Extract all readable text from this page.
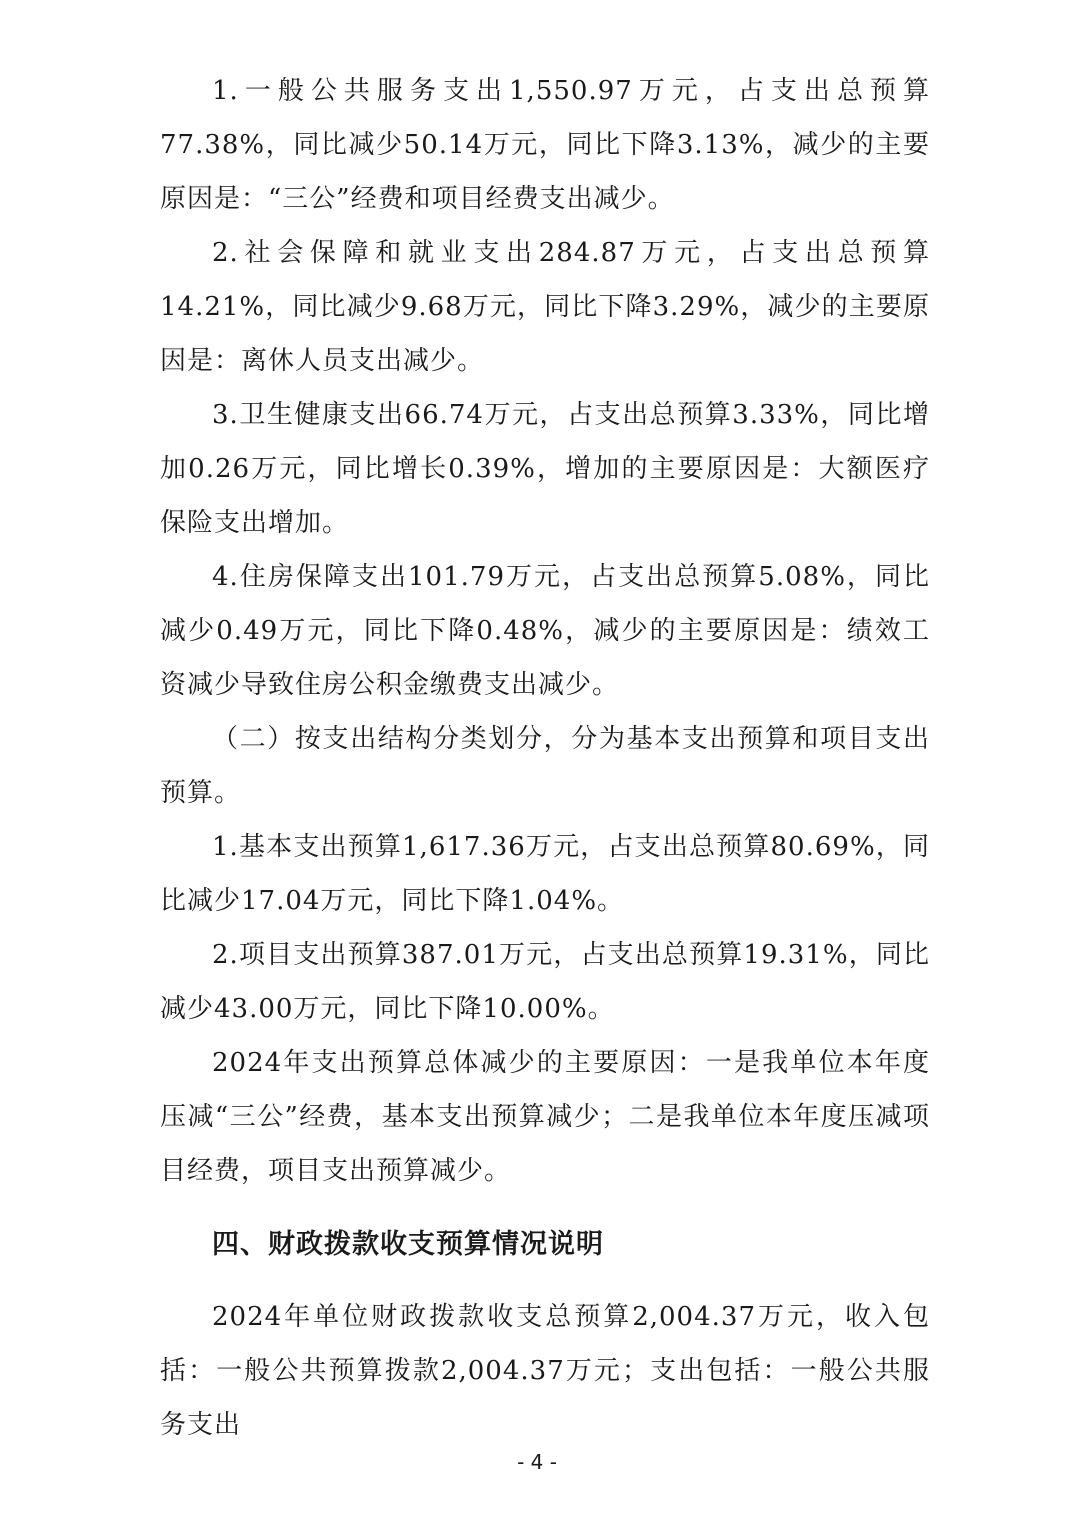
1.一般公共服务支出1,550.97万元，占支出总预算77.38%，同比减少50.14万元，同比下降3.13%，减少的主要原因是：“三公”经费和项目经费支出减少。

2.社会保障和就业支出284.87万元，占支出总预算14.21%，同比减少9.68万元，同比下降3.29%，减少的主要原因是：离休人员支出减少。

3.卫生健康支出66.74万元，占支出总预算3.33%，同比增加0.26万元，同比增长0.39%，增加的主要原因是：大额医疗保险支出增加。

4.住房保障支出101.79万元，占支出总预算5.08%，同比减少0.49万元，同比下降0.48%，减少的主要原因是：绩效工资减少导致住房公积金缴费支出减少。

（二）按支出结构分类划分，分为基本支出预算和项目支出预算。

1.基本支出预算1,617.36万元，占支出总预算80.69%，同比减少17.04万元，同比下降1.04%。

2.项目支出预算387.01万元，占支出总预算19.31%，同比减少43.00万元，同比下降10.00%。

2024年支出预算总体减少的主要原因：一是我单位本年度压减“三公”经费，基本支出预算减少；二是我单位本年度压减项目经费，项目支出预算减少。

四、财政拨款收支预算情况说明

2024年单位财政拨款收支总预算2,004.37万元，收入包括：一般公共预算拨款2,004.37万元；支出包括：一般公共服务支出

- 4 -
